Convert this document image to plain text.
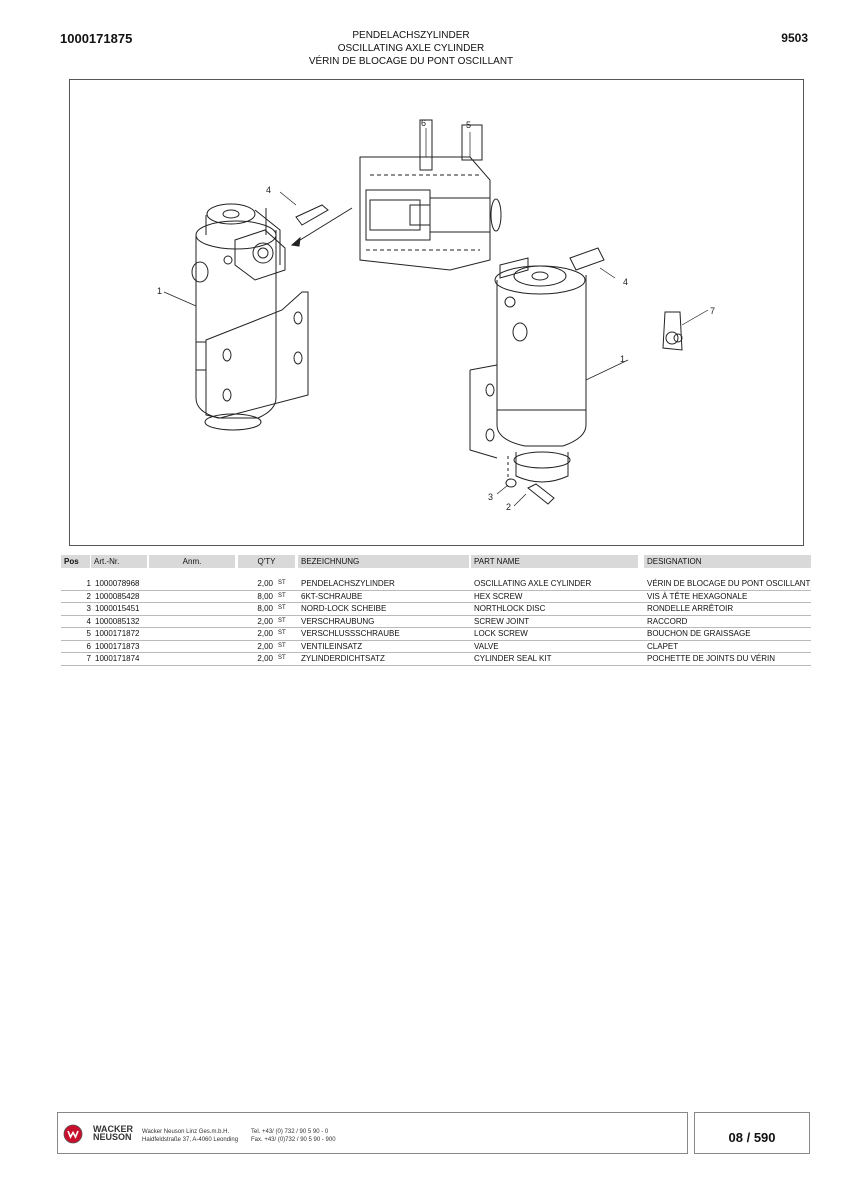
1000171875	PENDELACHSZYLINDER
OSCILLATING AXLE CYLINDER
VÉRIN DE BLOCAGE DU PONT OSCILLANT
9503
1
4
6	5
4
7
1
3
2
Pos	Art.-Nr.	Anm.	Q'TY	BEZEICHNUNG	PART NAME	DESIGNATION
1 1000078968	2,00 ST PENDELACHSZYLINDER	OSCILLATING AXLE CYLINDER	VÉRIN DE BLOCAGE DU PONT OSCILLANT
2 1000085428	8,00 ST 6KT-SCHRAUBE	HEX SCREW	VIS À TÊTE HEXAGONALE
3 1000015451	8,00 ST NORD-LOCK SCHEIBE	NORTHLOCK DISC	RONDELLE ARRÊTOIR
4 1000085132	2,00 ST VERSCHRAUBUNG	SCREW JOINT	RACCORD
5 1000171872	2,00 ST VERSCHLUSSSCHRAUBE	LOCK SCREW	BOUCHON DE GRAISSAGE
6 1000171873	2,00 ST VENTILEINSATZ	VALVE	CLAPET
7 1000171874	2,00 ST ZYLINDERDICHTSATZ	CYLINDER SEAL KIT	POCHETTE DE JOINTS DU VÉRIN
WACKER
NEUSON Wacker Neuson Linz Ges.m.b.H.
Haidfeldstraße 37, A-4060 Leonding
Tel. +43/ (0) 732 / 90 5 90 - 0
Fax. +43/ (0)732 / 90 5 90 - 900	08 / 590
